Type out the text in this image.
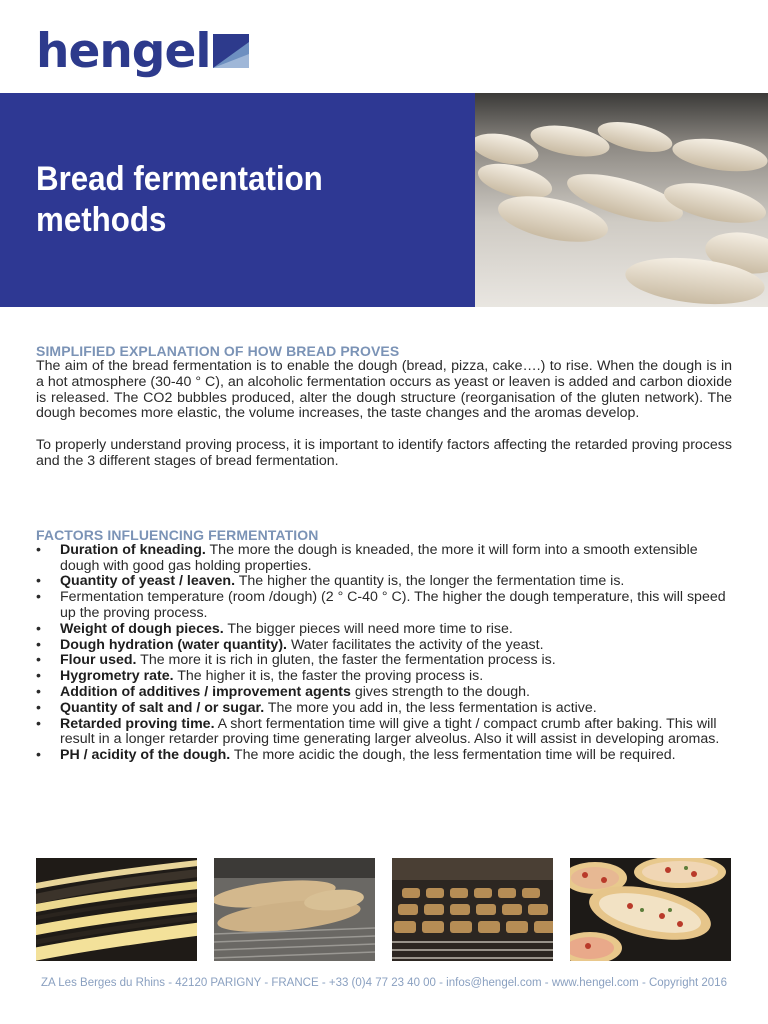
hengel
Bread fermentation
methods
SIMPLIFIED EXPLANATION OF HOW BREAD PROVES

The aim of the bread fermentation is to enable the dough (bread, pizza, cake….) to rise. When the dough is in a hot atmosphere (30-40 ° C), an alcoholic fermentation occurs as yeast or leaven is added and carbon dioxide is released. The CO2 bubbles produced, alter the dough structure (reorganisation of the gluten network). The dough becomes more elastic, the volume increases, the taste changes and the aromas develop.

To properly understand proving process, it is important to identify factors affecting the retarded proving process and the 3 different stages of bread fermentation.

FACTORS INFLUENCING FERMENTATION
• Duration of kneading. The more the dough is kneaded, the more it will form into a smooth extensible dough with good gas holding properties.
• Quantity of yeast / leaven. The higher the quantity is, the longer the fermentation time is.
• Fermentation temperature (room /dough) (2 ° C-40 ° C). The higher the dough temperature, this will speed up the proving process.
• Weight of dough pieces. The bigger pieces will need more time to rise.
• Dough hydration (water quantity). Water facilitates the activity of the yeast.
• Flour used. The more it is rich in gluten, the faster the fermentation process is.
• Hygrometry rate. The higher it is, the faster the proving process is.
• Addition of additives / improvement agents gives strength to the dough.
• Quantity of salt and / or sugar. The more you add in, the less fermentation is active.
• Retarded proving time. A short fermentation time will give a tight / compact crumb after baking. This will result in a longer retarder proving time generating larger alveolus. Also it will assist in developing aromas.
• PH / acidity of the dough. The more acidic the dough, the less fermentation time will be required.
ZA Les Berges du Rhins - 42120 PARIGNY - FRANCE - +33 (0)4 77 23 40 00 - infos@hengel.com - www.hengel.com - Copyright 2016
